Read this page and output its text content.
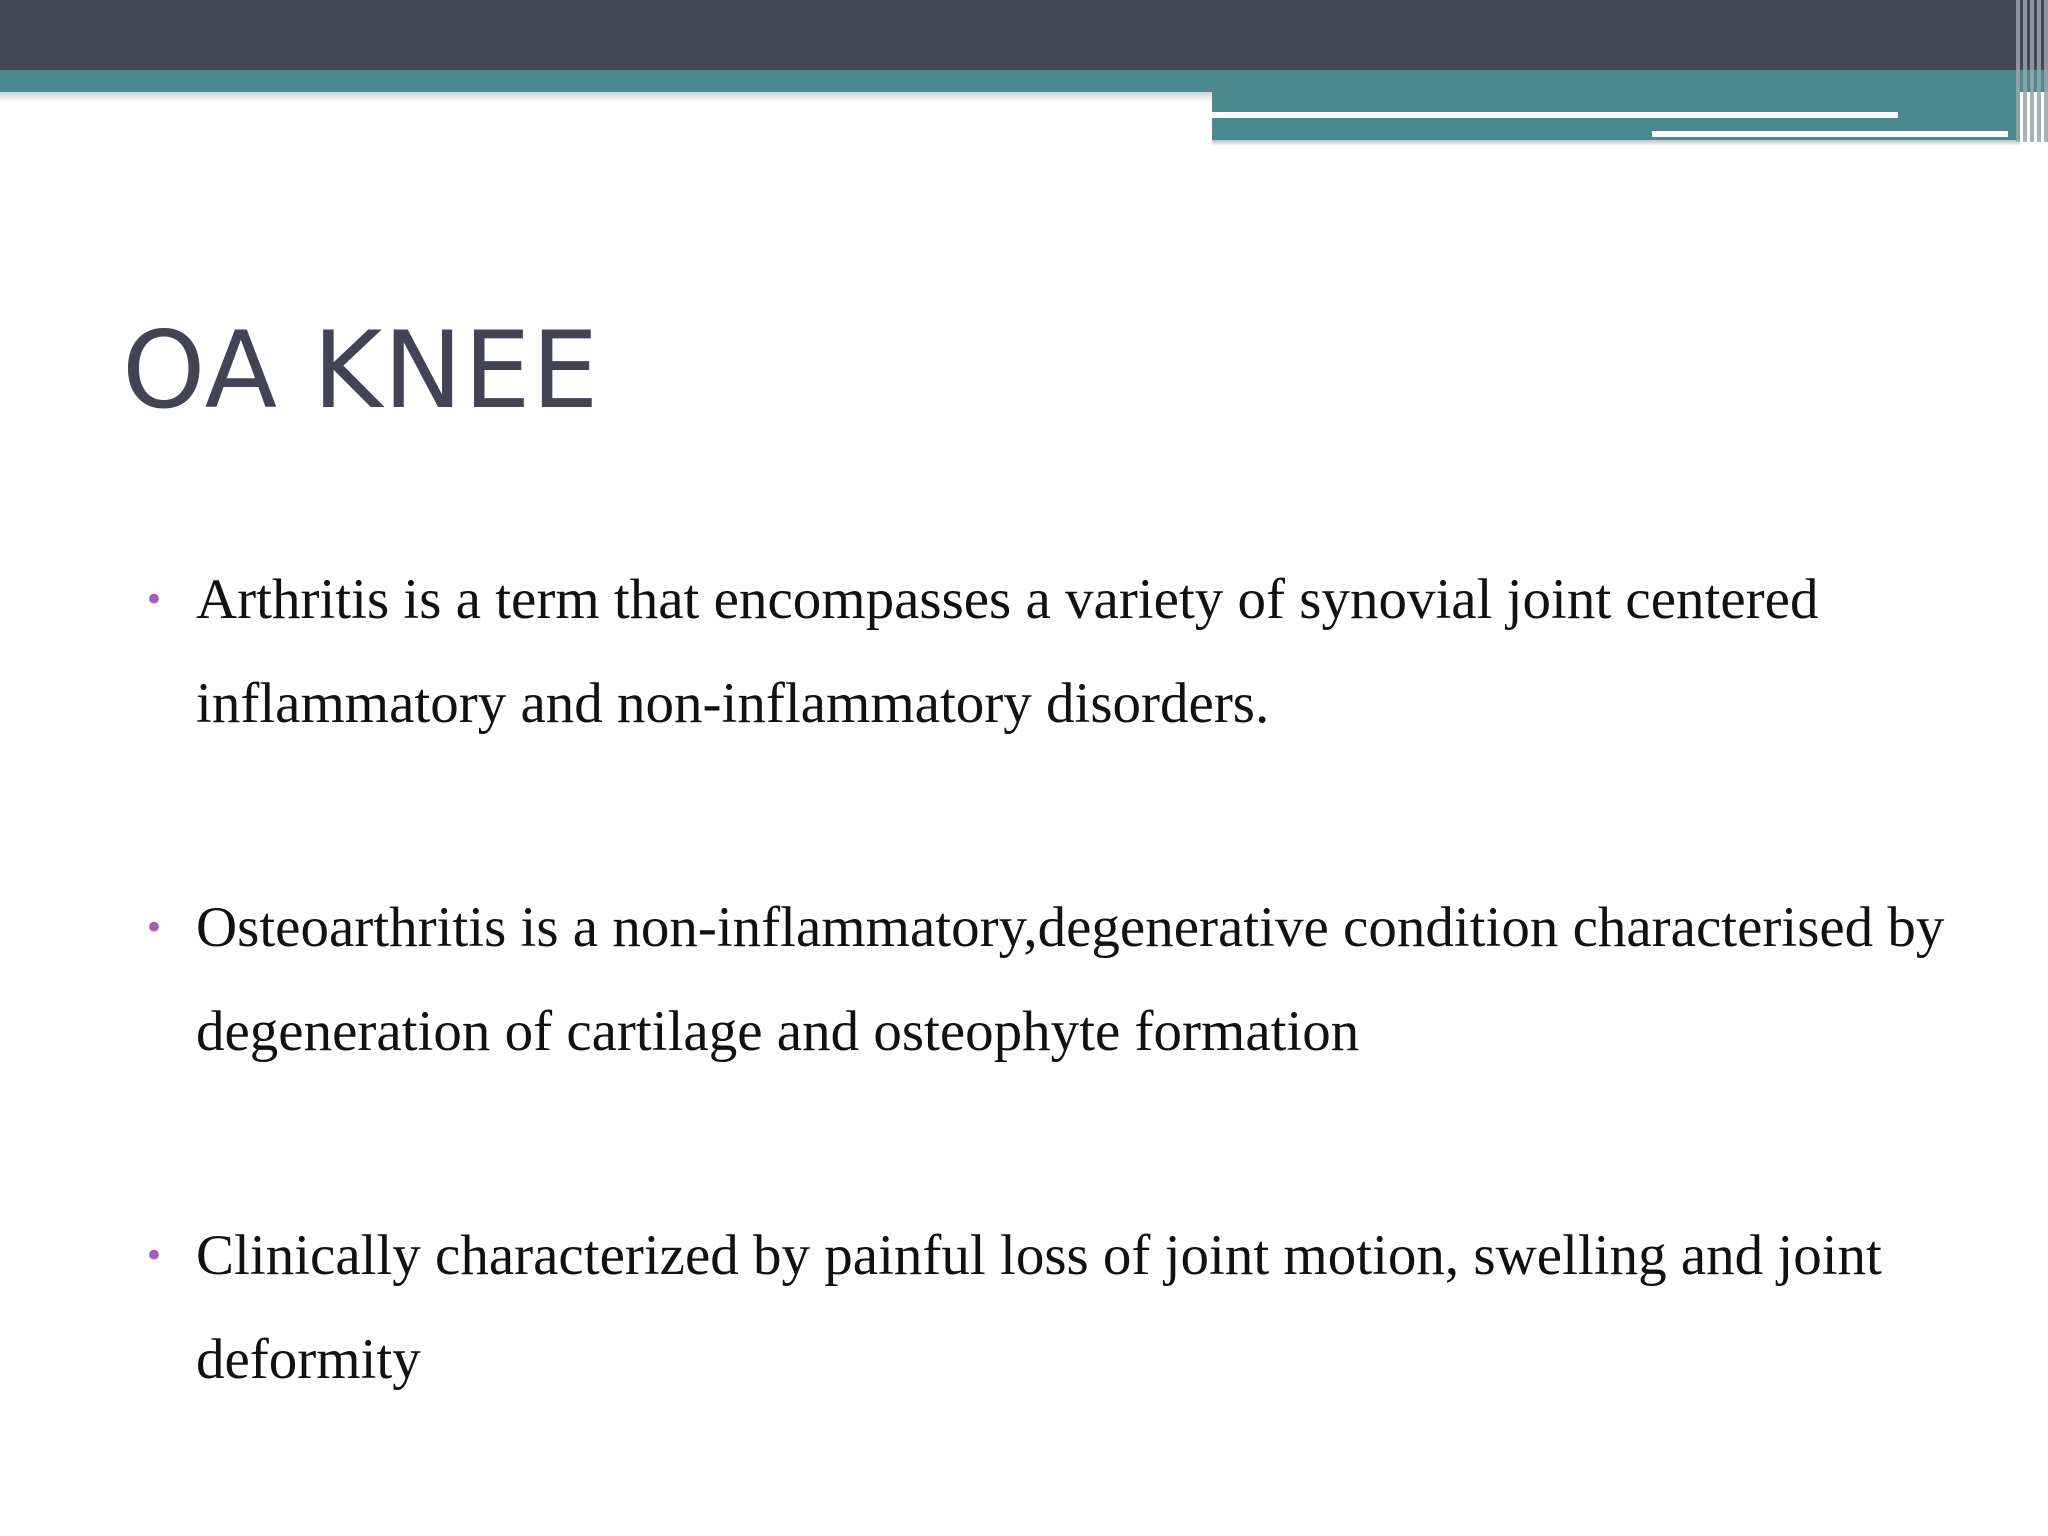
OA KNEE
• Arthritis is a term that encompasses a variety of synovial joint centered inflammatory and non-inflammatory disorders.
• Osteoarthritis is a non-inflammatory,degenerative condition characterised by degeneration of cartilage and osteophyte formation
• Clinically characterized by painful loss of joint motion, swelling and joint deformity
